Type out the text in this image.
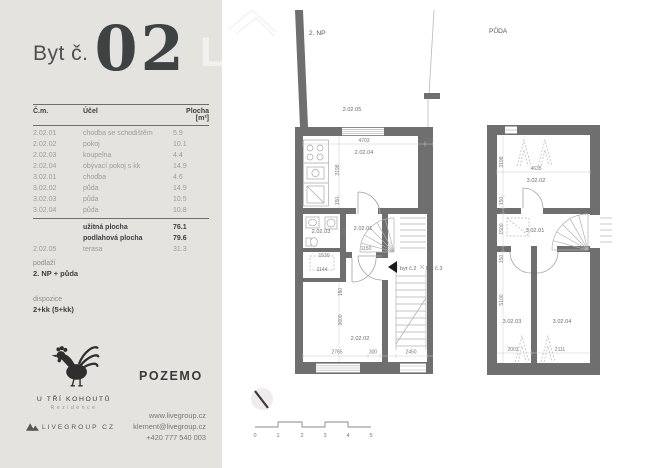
L
Byt č. 02
Č.m.	Účel	Plocha [m²]
2.02.01	chodba se schodištěm	5.9
2.02.02	pokoj	10.1
2.02.03	koupelna	4.4
2.02.04	obývací pokoj s kk	14.9
3.02.01	chodba	4.6
3.02.02	půda	14.9
3.02.03	půda	10.5
3.02.04	půda	10.8
užitná plocha	76.1
podlahová plocha	79.6
2.02.05	terasa	31.3
podlaží
2. NP + půda
dispozice
2+kk (5+kk)
U TŘÍ KOHOUTŮ
Rezidence
POZEMO
LIVEGROUP CZ
www.livegroup.cz
klement@livegroup.cz
+420 777 540 003
2. NP
2.02.05
byt č.2 byt č.3
2.02.04
2.02.03	2.02.01
2.02.02
4703	300
3198
150
3000
1530
1150
1144
150
3600
2765	300	2450
PŮDA
4635
3.02.02
3.02.01
3.02.03	3.02.04
3198
150
1500
150
5100
2003	2111
0	1	2	3	4	5
